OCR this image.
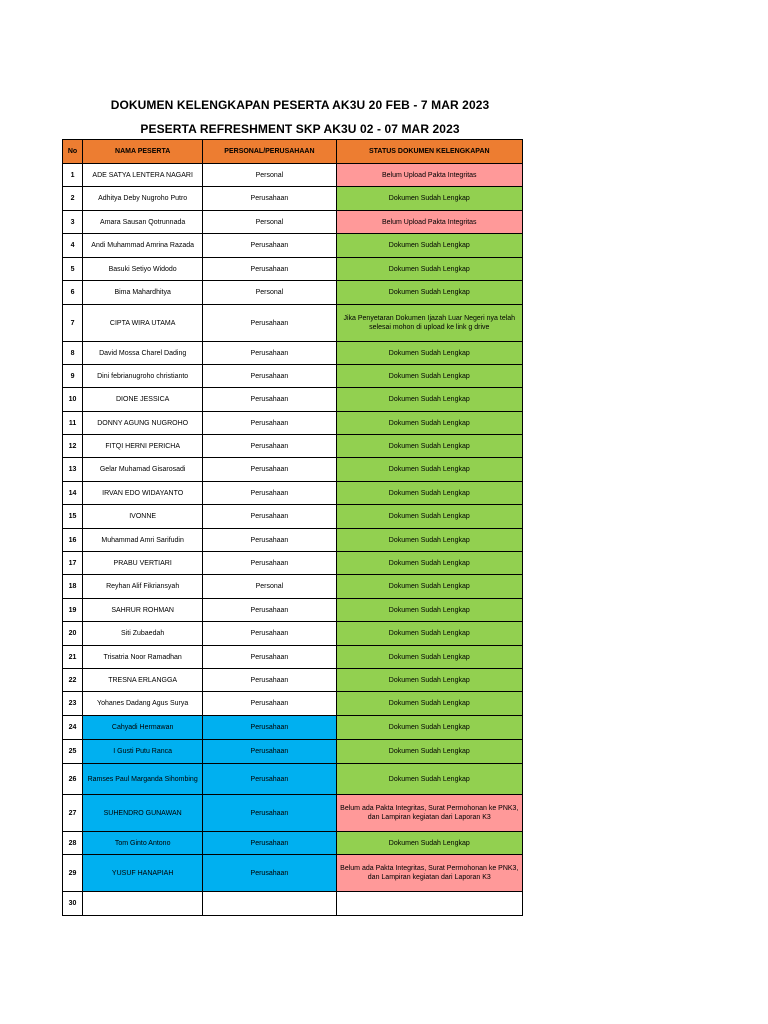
DOKUMEN KELENGKAPAN PESERTA AK3U 20 FEB - 7 MAR 2023
PESERTA REFRESHMENT SKP AK3U 02 - 07 MAR 2023
No	NAMA PESERTA	PERSONAL/PERUSAHAAN	STATUS DOKUMEN KELENGKAPAN
1	ADE SATYA LENTERA NAGARI	Personal	Belum Upload Pakta Integritas
2	Adhitya Deby Nugroho Putro	Perusahaan	Dokumen Sudah Lengkap
3	Amara Sausan Qotrunnada	Personal	Belum Upload Pakta Integritas
4	Andi Muhammad Amrina Razada	Perusahaan	Dokumen Sudah Lengkap
5	Basuki Setiyo Widodo	Perusahaan	Dokumen Sudah Lengkap
6	Bima Mahardhitya	Personal	Dokumen Sudah Lengkap
7	CIPTA WIRA UTAMA	Perusahaan	Jika Penyetaran Dokumen Ijazah Luar Negeri nya telah selesai mohon di upload ke link g drive
8	David Mossa Charel Dading	Perusahaan	Dokumen Sudah Lengkap
9	Dini febrianugroho christianto	Perusahaan	Dokumen Sudah Lengkap
10	DIONE JESSICA	Perusahaan	Dokumen Sudah Lengkap
11	DONNY AGUNG NUGROHO	Perusahaan	Dokumen Sudah Lengkap
12	FITQI HERNI PERICHA	Perusahaan	Dokumen Sudah Lengkap
13	Gelar Muhamad Gisarosadi	Perusahaan	Dokumen Sudah Lengkap
14	IRVAN EDO WIDAYANTO	Perusahaan	Dokumen Sudah Lengkap
15	IVONNE	Perusahaan	Dokumen Sudah Lengkap
16	Muhammad Amri Sarifudin	Perusahaan	Dokumen Sudah Lengkap
17	PRABU VERTIARI	Perusahaan	Dokumen Sudah Lengkap
18	Reyhan Alif Fikriansyah	Personal	Dokumen Sudah Lengkap
19	SAHRUR ROHMAN	Perusahaan	Dokumen Sudah Lengkap
20	Siti Zubaedah	Perusahaan	Dokumen Sudah Lengkap
21	Trisatria Noor Ramadhan	Perusahaan	Dokumen Sudah Lengkap
22	TRESNA ERLANGGA	Perusahaan	Dokumen Sudah Lengkap
23	Yohanes Dadang Agus Surya	Perusahaan	Dokumen Sudah Lengkap
24	Cahyadi Hermawan	Perusahaan	Dokumen Sudah Lengkap
25	I Gusti Putu Ranca	Perusahaan	Dokumen Sudah Lengkap
26	Ramses Paul Marganda Sihombing	Perusahaan	Dokumen Sudah Lengkap
27	SUHENDRO GUNAWAN	Perusahaan	Belum ada Pakta Integritas, Surat Permohonan ke PNK3, dan Lampiran kegiatan dari Laporan K3
28	Tom Ginto Antono	Perusahaan	Dokumen Sudah Lengkap
29	YUSUF HANAPIAH	Perusahaan	Belum ada Pakta Integritas, Surat Permohonan ke PNK3, dan Lampiran kegiatan dari Laporan K3
30			
